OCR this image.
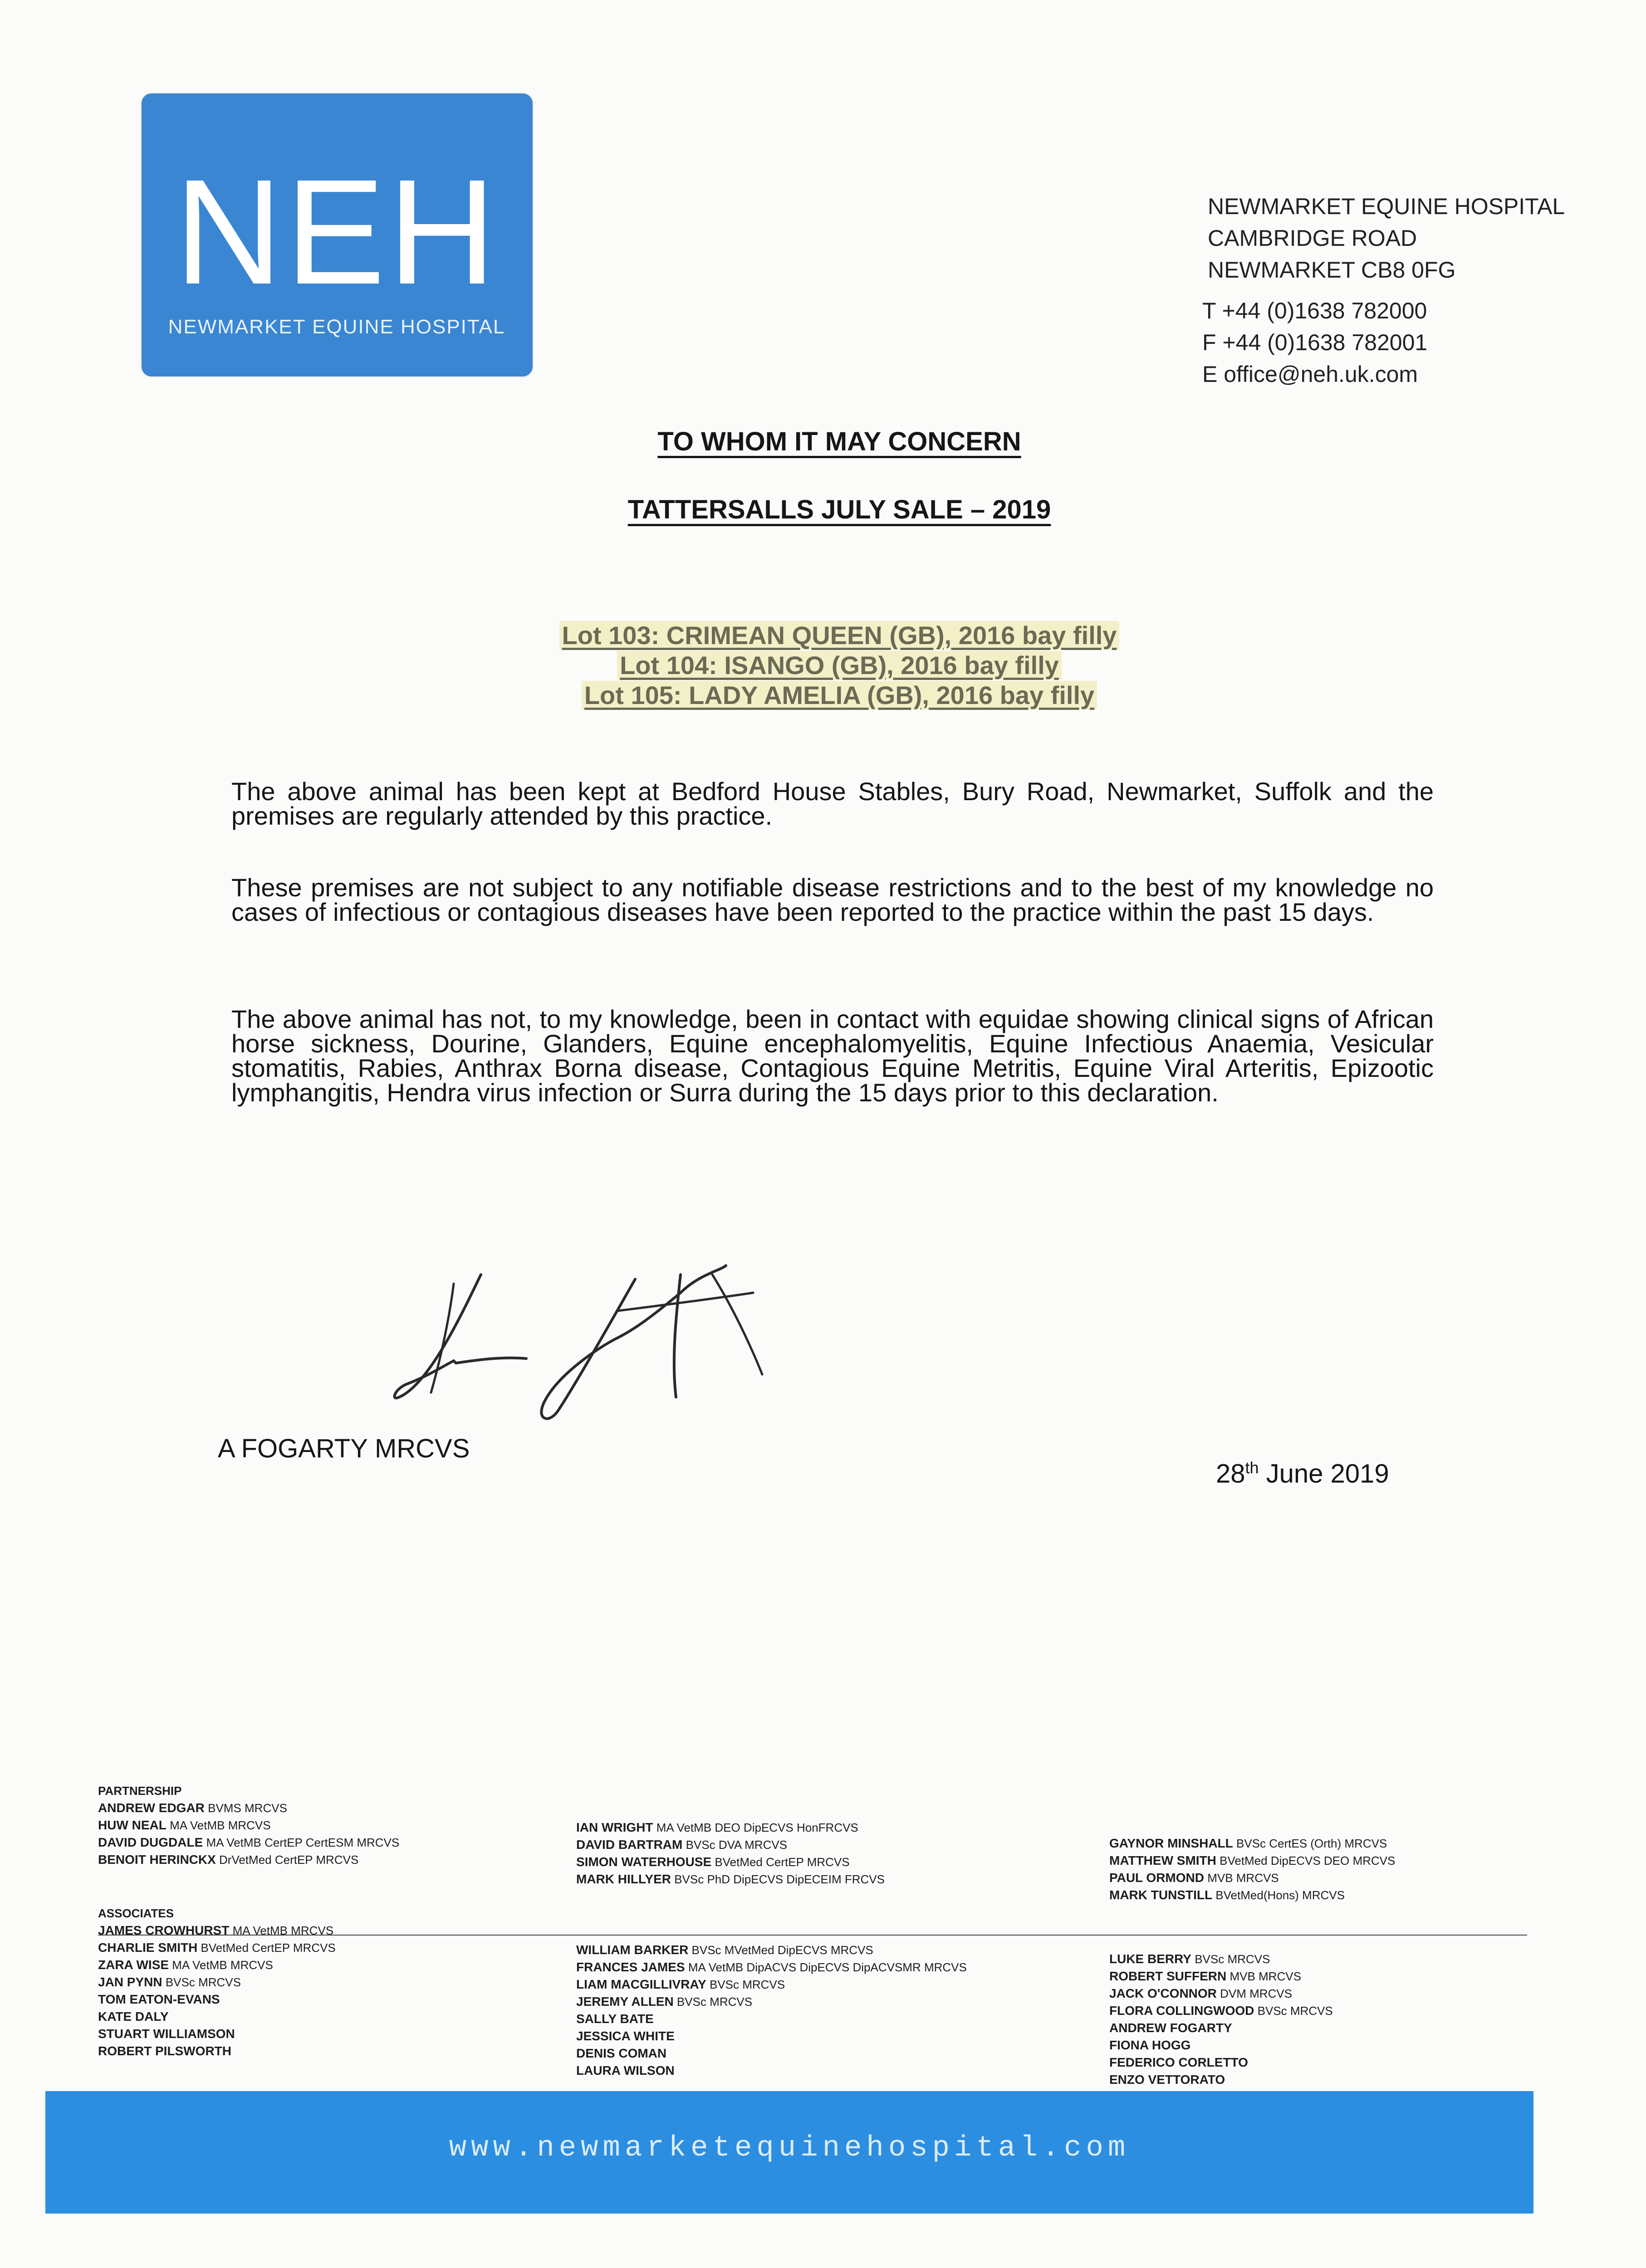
NEH
NEWMARKET EQUINE HOSPITAL
NEWMARKET EQUINE HOSPITAL
CAMBRIDGE ROAD
NEWMARKET CB8 0FG
T +44 (0)1638 782000
F +44 (0)1638 782001
E office@neh.uk.com
TO WHOM IT MAY CONCERN
TATTERSALLS JULY SALE – 2019
Lot 103: CRIMEAN QUEEN (GB), 2016 bay filly
Lot 104: ISANGO (GB), 2016 bay filly
Lot 105: LADY AMELIA (GB), 2016 bay filly
The above animal has been kept at Bedford House Stables, Bury Road, Newmarket, Suffolk and the premises are regularly attended by this practice.
These premises are not subject to any notifiable disease restrictions and to the best of my knowledge no cases of infectious or contagious diseases have been reported to the practice within the past 15 days.
The above animal has not, to my knowledge, been in contact with equidae showing clinical signs of African horse sickness, Dourine, Glanders, Equine encephalomyelitis, Equine Infectious Anaemia, Vesicular stomatitis, Rabies, Anthrax Borna disease, Contagious Equine Metritis, Equine Viral Arteritis, Epizootic lymphangitis, Hendra virus infection or Surra during the 15 days prior to this declaration.
A FOGARTY MRCVS
28th June 2019
PARTNERSHIP
ANDREW EDGAR BVMS MRCVS
HUW NEAL MA VetMB MRCVS
DAVID DUGDALE MA VetMB CertEP CertESM MRCVS
BENOIT HERINCKX DrVetMed CertEP MRCVS
IAN WRIGHT MA VetMB DEO DipECVS HonFRCVS
DAVID BARTRAM BVSc DVA MRCVS
SIMON WATERHOUSE BVetMed CertEP MRCVS
MARK HILLYER BVSc PhD DipECVS DipECEIM FRCVS
GAYNOR MINSHALL BVSc CertES (Orth) MRCVS
MATTHEW SMITH BVetMed DipECVS DEO MRCVS
PAUL ORMOND MVB MRCVS
MARK TUNSTILL BVetMed(Hons) MRCVS
ASSOCIATES
JAMES CROWHURST MA VetMB MRCVS
CHARLIE SMITH BVetMed CertEP MRCVS
ZARA WISE MA VetMB MRCVS
JAN PYNN BVSc MRCVS
TOM EATON-EVANS
KATE DALY
STUART WILLIAMSON
ROBERT PILSWORTH
WILLIAM BARKER BVSc MVetMed DipECVS MRCVS
FRANCES JAMES MA VetMB DipACVS DipECVS DipACVSMR MRCVS
LIAM MACGILLIVRAY BVSc MRCVS
JEREMY ALLEN BVSc MRCVS
SALLY BATE
JESSICA WHITE
DENIS COMAN
LAURA WILSON
LUKE BERRY BVSc MRCVS
ROBERT SUFFERN MVB MRCVS
JACK O'CONNOR DVM MRCVS
FLORA COLLINGWOOD BVSc MRCVS
ANDREW FOGARTY
FIONA HOGG
FEDERICO CORLETTO
ENZO VETTORATO
www.newmarketequinehospital.com
